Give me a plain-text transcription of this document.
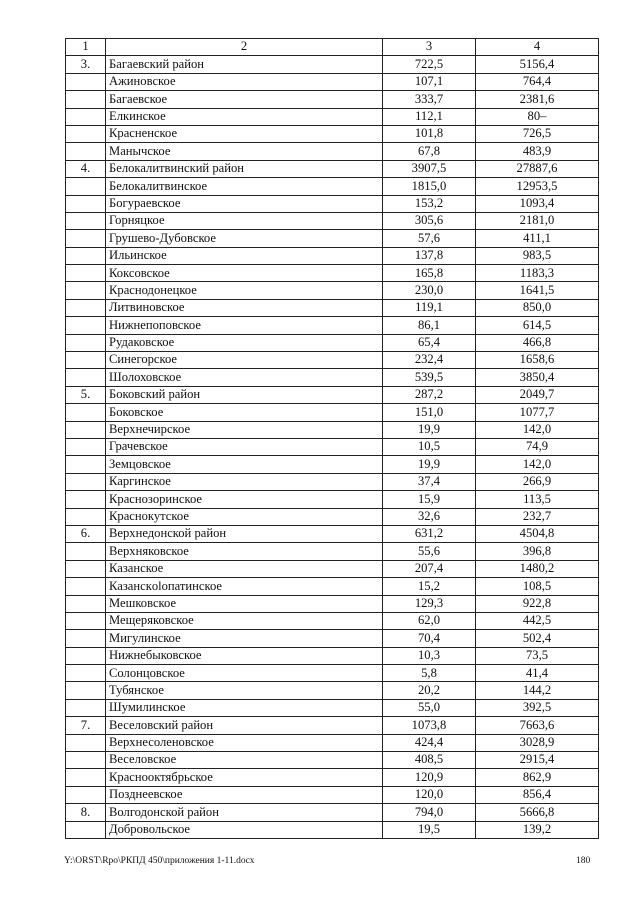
1	2	3	4
3.	Багаевский район	722,5	5156,4
	Ажиновское	107,1	764,4
	Багаевское	333,7	2381,6
	Елкинское	112,1	80–
	Красненское	101,8	726,5
	Манычское	67,8	483,9
4.	Белокалитвинский район	3907,5	27887,6
	Белокалитвинское	1815,0	12953,5
	Богураевское	153,2	1093,4
	Горняцкое	305,6	2181,0
	Грушево-Дубовское	57,6	411,1
	Ильинское	137,8	983,5
	Коксовское	165,8	1183,3
	Краснодонецкое	230,0	1641,5
	Литвиновское	119,1	850,0
	Нижнепоповское	86,1	614,5
	Рудаковское	65,4	466,8
	Синегорское	232,4	1658,6
	Шолоховское	539,5	3850,4
5.	Боковский район	287,2	2049,7
	Боковское	151,0	1077,7
	Верхнечирское	19,9	142,0
	Грачевское	10,5	74,9
	Земцовское	19,9	142,0
	Каргинское	37,4	266,9
	Краснозоринское	15,9	113,5
	Краснокутское	32,6	232,7
6.	Верхнедонской район	631,2	4504,8
	Верхняковское	55,6	396,8
	Казанское	207,4	1480,2
	Казанскolопатинское	15,2	108,5
	Мешковское	129,3	922,8
	Мещеряковское	62,0	442,5
	Мигулинское	70,4	502,4
	Нижнебыковское	10,3	73,5
	Солонцовское	5,8	41,4
	Тубянское	20,2	144,2
	Шумилинское	55,0	392,5
7.	Веселовский район	1073,8	7663,6
	Верхнесоленовское	424,4	3028,9
	Веселовское	408,5	2915,4
	Краснооктябрьское	120,9	862,9
	Позднеевское	120,0	856,4
8.	Волгодонской район	794,0	5666,8
	Добровольское	19,5	139,2
Y:\ORST\Rpo\РКПД 450\приложения 1-11.docx	180
